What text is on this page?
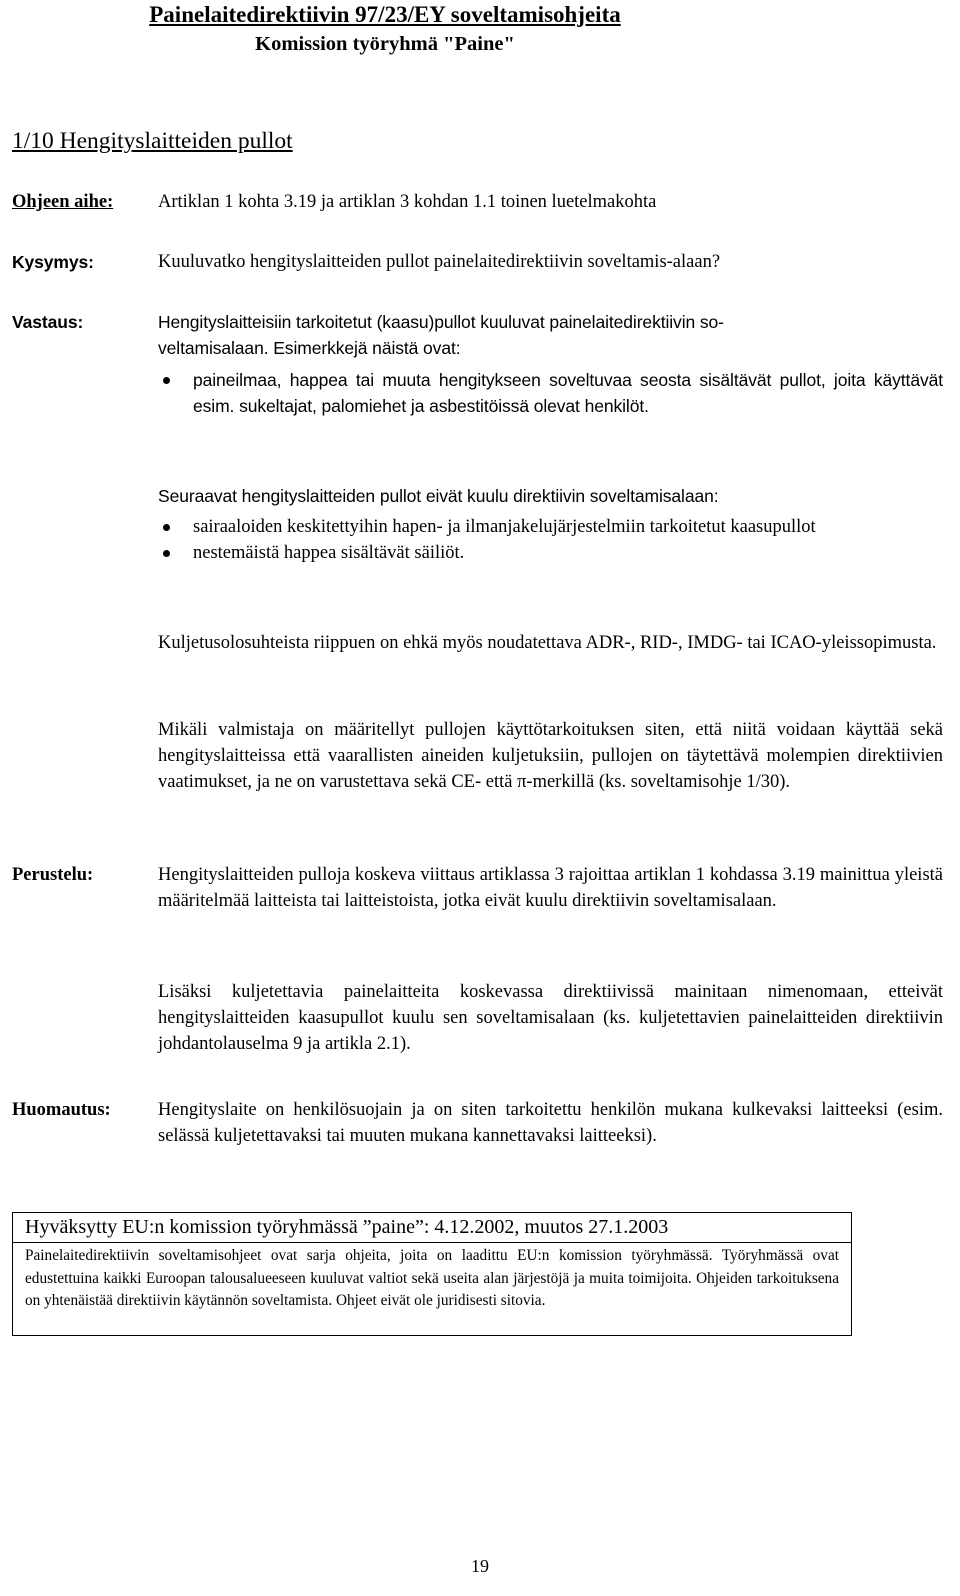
Painelaitedirektiivin 97/23/EY soveltamisohjeita
Komission työryhmä "Paine"
1/10 Hengityslaitteiden pullot
Ohjeen aihe:	Artiklan 1 kohta 3.19 ja artiklan 3 kohdan 1.1 toinen luetelmakohta
Kysymys:	Kuuluvatko hengityslaitteiden pullot painelaitedirektiivin soveltamis-alaan?
Vastaus:	Hengityslaitteisiin tarkoitetut (kaasu)pullot kuuluvat painelaitedirektiivin so-
veltamisalaan. Esimerkkejä näistä ovat:
paineilmaa, happea tai muuta hengitykseen soveltuvaa seosta sisältävät pullot, joita käyttävät esim. sukeltajat, palomiehet ja asbestitöissä olevat henkilöt.
Seuraavat hengityslaitteiden pullot eivät kuulu direktiivin soveltamisalaan:
sairaaloiden keskitettyihin hapen- ja ilmanjakelujärjestelmiin tarkoitetut kaasupullot
nestemäistä happea sisältävät säiliöt.
Kuljetusolosuhteista riippuen on ehkä myös noudatettava ADR-, RID-, IMDG- tai ICAO-yleissopimusta.
Mikäli valmistaja on määritellyt pullojen käyttötarkoituksen siten, että niitä voidaan käyttää sekä hengityslaitteissa että vaarallisten aineiden kuljetuksiin, pullojen on täytettävä molempien direktiivien vaatimukset, ja ne on varustettava sekä CE- että π-merkillä (ks. soveltamisohje 1/30).
Perustelu:	Hengityslaitteiden pulloja koskeva viittaus artiklassa 3 rajoittaa artiklan 1 kohdassa 3.19 mainittua yleistä määritelmää laitteista tai laitteistoista, jotka eivät kuulu direktiivin soveltamisalaan.
Lisäksi kuljetettavia painelaitteita koskevassa direktiivissä mainitaan nimenomaan, etteivät hengityslaitteiden kaasupullot kuulu sen soveltamisalaan (ks. kuljetettavien painelaitteiden direktiivin johdantolauselma 9 ja artikla 2.1).
Huomautus:	Hengityslaite on henkilösuojain ja on siten tarkoitettu henkilön mukana kulkevaksi laitteeksi (esim. selässä kuljetettavaksi tai muuten mukana kannettavaksi laitteeksi).
Hyväksytty EU:n komission työryhmässä ”paine”: 4.12.2002, muutos 27.1.2003
Painelaitedirektiivin soveltamisohjeet ovat sarja ohjeita, joita on laadittu EU:n komission työryhmässä. Työryhmässä ovat edustettuina kaikki Euroopan talousalueeseen kuuluvat valtiot sekä useita alan järjestöjä ja muita toimijoita. Ohjeiden tarkoituksena on yhtenäistää direktiivin käytännön soveltamista. Ohjeet eivät ole juridisesti sitovia.
19
